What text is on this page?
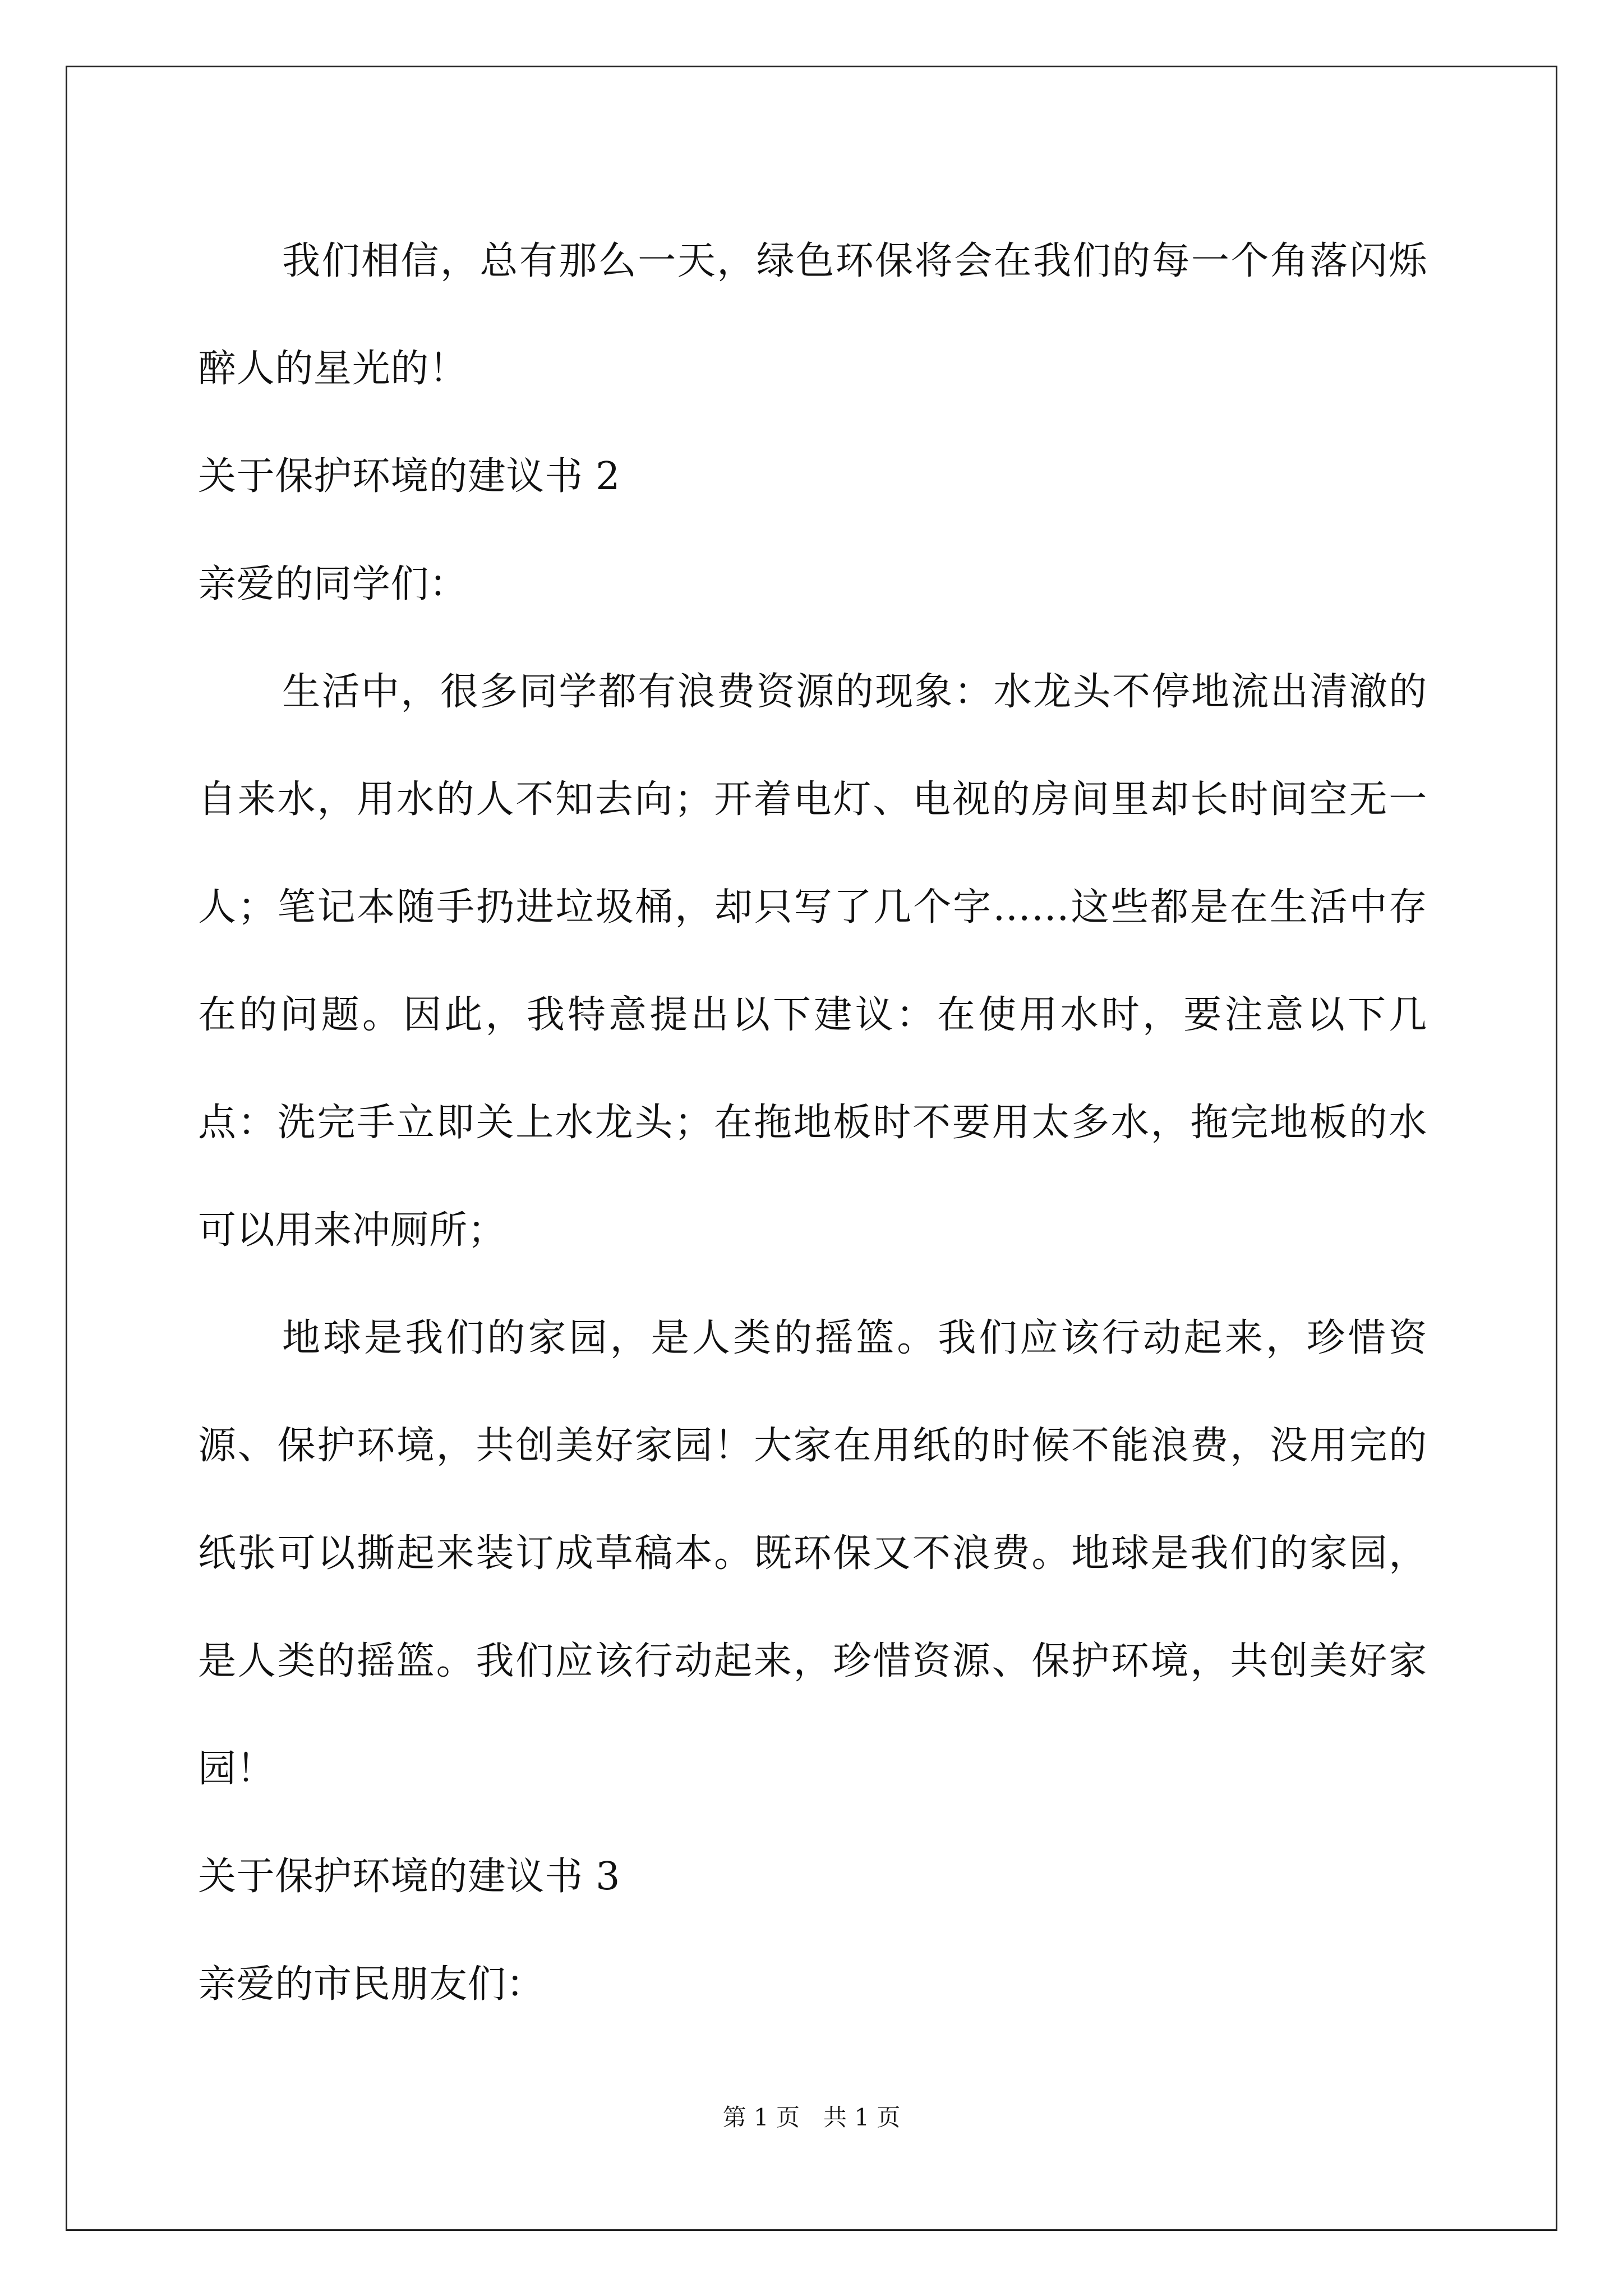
我们相信，总有那么一天，绿色环保将会在我们的每一个角落闪烁醉人的星光的！

关于保护环境的建议书 2

亲爱的同学们：

生活中，很多同学都有浪费资源的现象：水龙头不停地流出清澈的自来水，用水的人不知去向；开着电灯、电视的房间里却长时间空无一人；笔记本随手扔进垃圾桶，却只写了几个字……这些都是在生活中存在的问题。因此，我特意提出以下建议：在使用水时，要注意以下几点：洗完手立即关上水龙头；在拖地板时不要用太多水，拖完地板的水可以用来冲厕所；

地球是我们的家园，是人类的摇篮。我们应该行动起来，珍惜资源、保护环境，共创美好家园！大家在用纸的时候不能浪费，没用完的纸张可以撕起来装订成草稿本。既环保又不浪费。地球是我们的家园，是人类的摇篮。我们应该行动起来，珍惜资源、保护环境，共创美好家园！

关于保护环境的建议书 3

亲爱的市民朋友们：

第 1 页　共 1 页
